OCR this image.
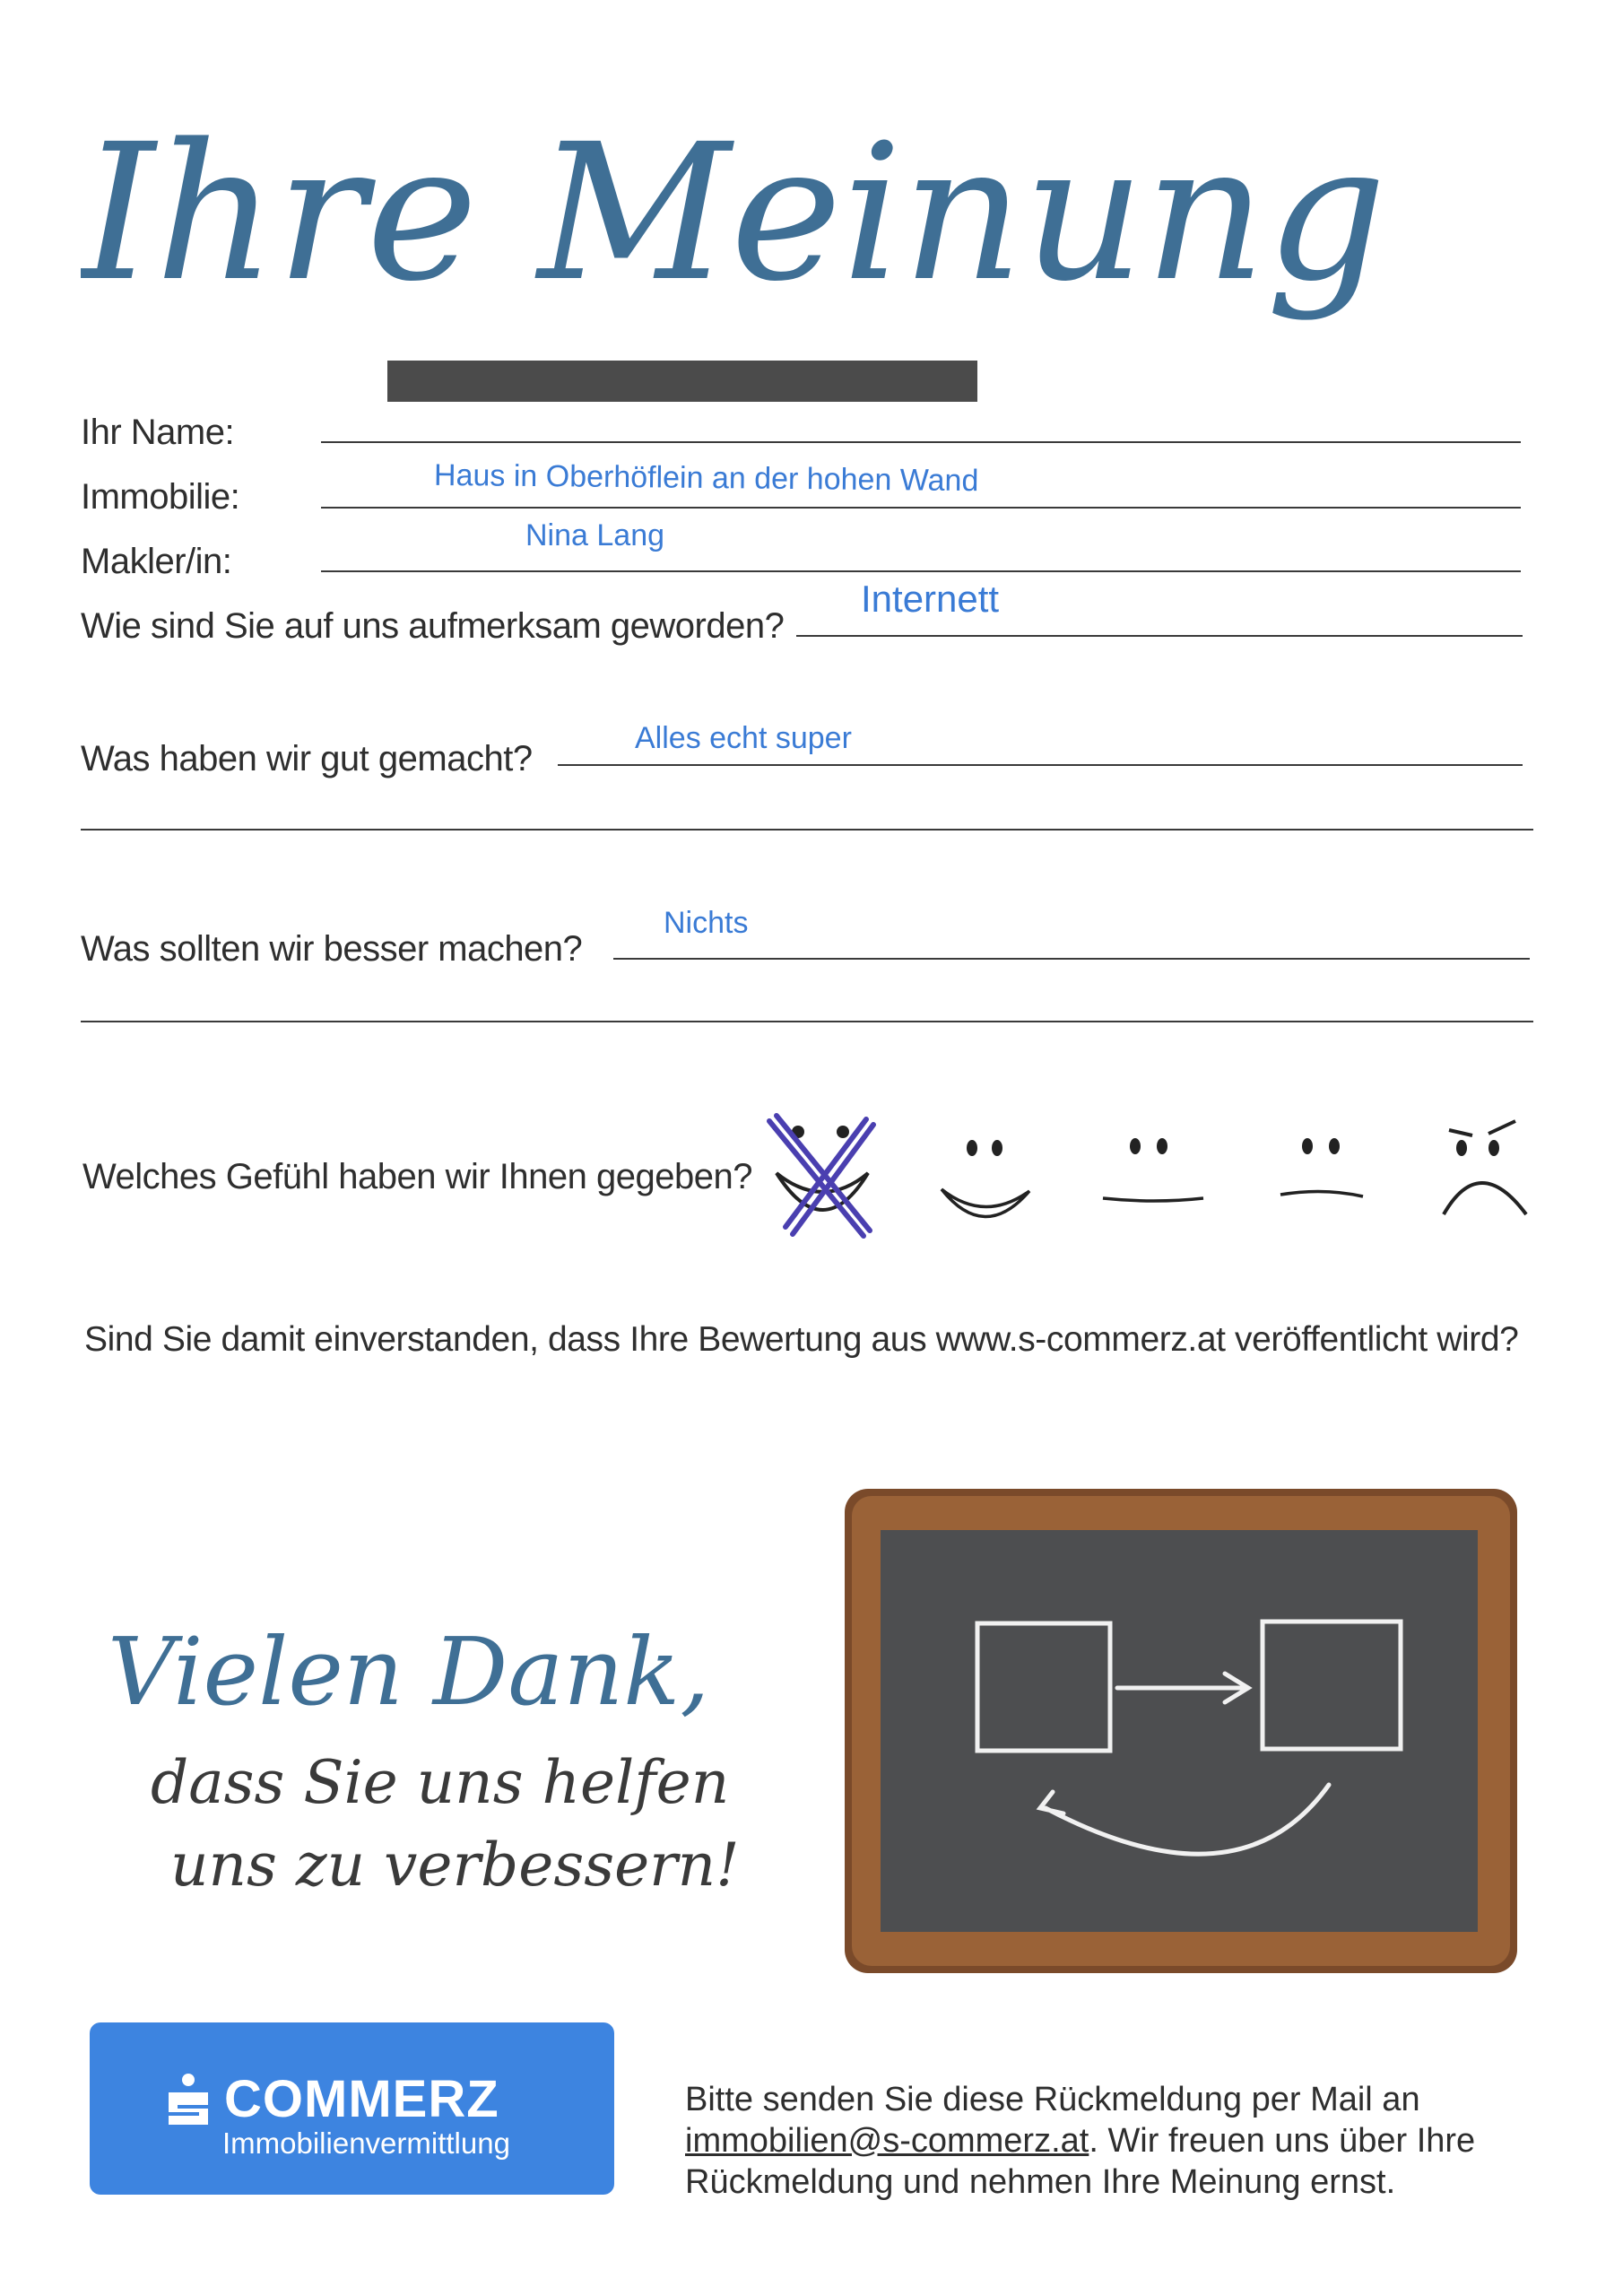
Ihre Meinung
Ihr Name:
Haus in Oberhöflein an der hohen Wand
Immobilie:
Nina Lang
Makler/in:
Internett
Wie sind Sie auf uns aufmerksam geworden?
Alles echt super
Was haben wir gut gemacht?
Nichts
Was sollten wir besser machen?
Welches Gefühl haben wir Ihnen gegeben?
Sind Sie damit einverstanden, dass Ihre Bewertung aus www.s-commerz.at veröffentlicht wird?
Vielen Dank,
dass Sie uns helfen
uns zu verbessern!
COMMERZ
Immobilienvermittlung
Bitte senden Sie diese Rückmeldung per Mail an
immobilien@s-commerz.at. Wir freuen uns über Ihre Rückmeldung und nehmen Ihre Meinung ernst.
